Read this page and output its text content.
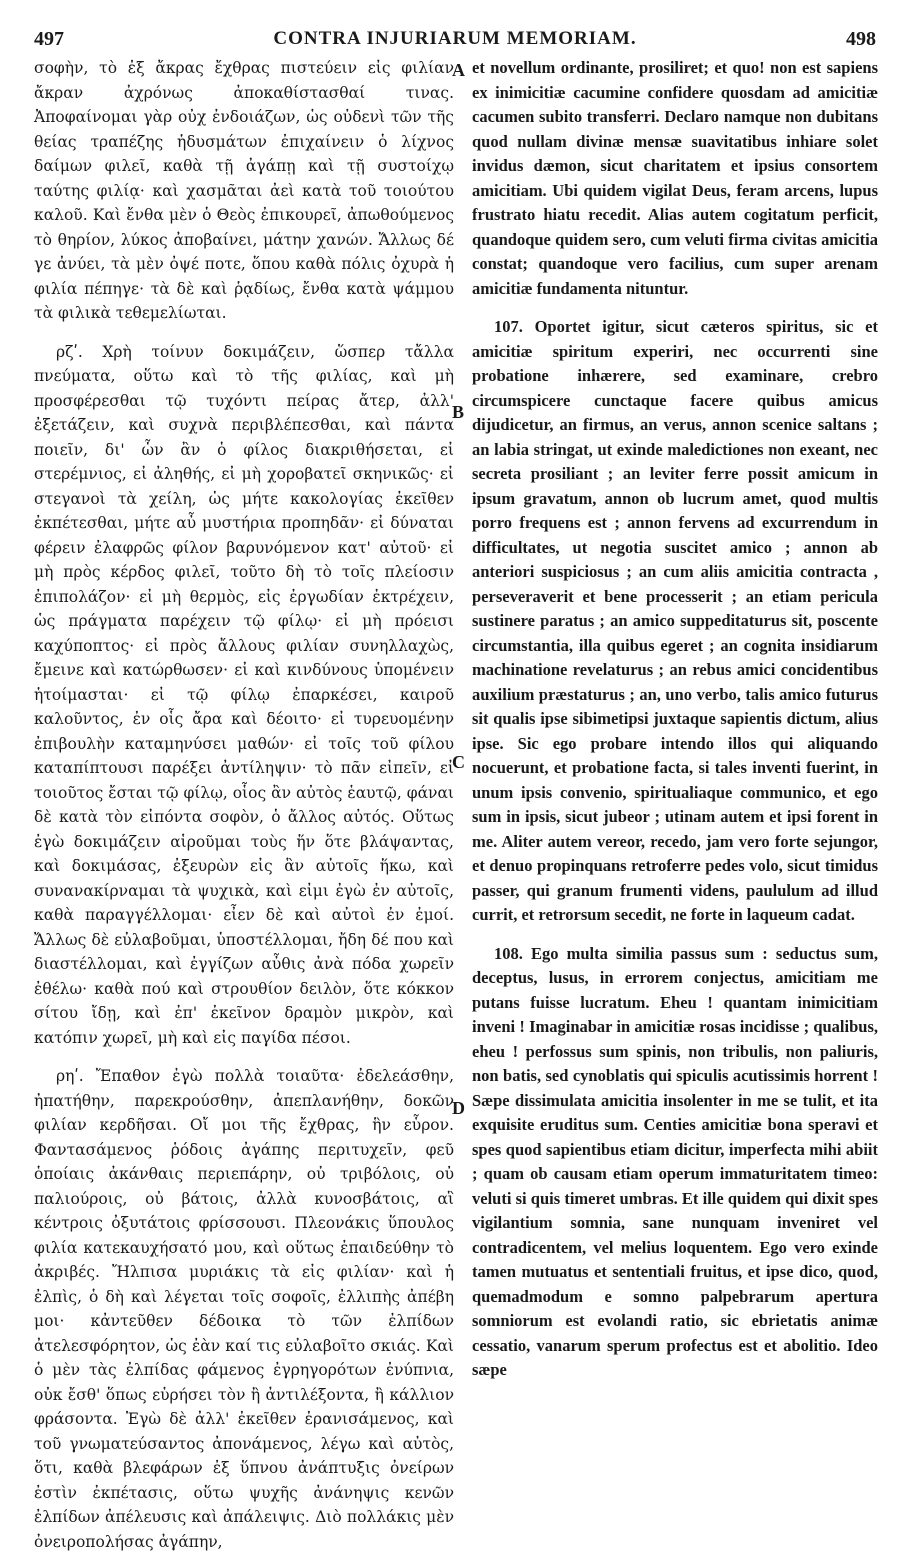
497	CONTRA INJURIARUM MEMORIAM.	498

σοφὴν, τὸ ἐξ ἄκρας ἔχθρας πιστεύειν εἰς φιλίαν ἄκραν ἀχρόνως ἀποκαθίστασθαί τινας. Ἀποφαίνομαι γὰρ οὐχ ἐνδοιάζων, ὡς οὐδενὶ τῶν τῆς θείας τραπέζης ἡδυσμάτων ἐπιχαίνειν ὁ λίχνος δαίμων φιλεῖ, καθὰ τῇ ἀγάπῃ καὶ τῇ συστοίχῳ ταύτης φιλίᾳ· καὶ χασμᾶται ἀεὶ κατὰ τοῦ τοιούτου καλοῦ. Καὶ ἔνθα μὲν ὁ Θεὸς ἐπικουρεῖ, ἀπωθούμενος τὸ θηρίον, λύκος ἀποβαίνει, μάτην χανών. Ἄλλως δέ γε ἀνύει, τὰ μὲν ὀψέ ποτε, ὅπου καθὰ πόλις ὀχυρὰ ἡ φιλία πέπηγε· τὰ δὲ καὶ ῥᾳδίως, ἔνθα κατὰ ψάμμου τὰ φιλικὰ τεθεμελίωται.

ρζʹ. Χρὴ τοίνυν δοκιμάζειν, ὥσπερ τἄλλα πνεύματα, οὕτω καὶ τὸ τῆς φιλίας, καὶ μὴ προσφέρεσθαι τῷ τυχόντι πείρας ἄτερ, ἀλλ' ἐξετάζειν, καὶ συχνὰ περιβλέπεσθαι, καὶ πάντα ποιεῖν, δι' ὧν ἂν ὁ φίλος διακριθήσεται, εἰ στερέμνιος, εἰ ἀληθής, εἰ μὴ χοροβατεῖ σκηνικῶς· εἰ στεγανοὶ τὰ χείλη, ὡς μήτε κακολογίας ἐκεῖθεν ἐκπέτεσθαι, μήτε αὖ μυστήρια προπηδᾶν· εἰ δύναται φέρειν ἐλαφρῶς φίλον βαρυνόμενον κατ' αὐτοῦ· εἰ μὴ πρὸς κέρδος φιλεῖ, τοῦτο δὴ τὸ τοῖς πλείοσιν ἐπιπολάζον· εἰ μὴ θερμὸς, εἰς ἐργωδίαν ἐκτρέχειν, ὡς πράγματα παρέχειν τῷ φίλῳ· εἰ μὴ πρόεισι καχύποπτος· εἰ πρὸς ἄλλους φιλίαν συνηλλαχὼς, ἔμεινε καὶ κατώρθωσεν· εἰ καὶ κινδύνους ὑπομένειν ἡτοίμασται· εἰ τῷ φίλῳ ἐπαρκέσει, καιροῦ καλοῦντος, ἐν οἷς ἄρα καὶ δέοιτο· εἰ τυρευομένην ἐπιβουλὴν καταμηνύσει μαθών· εἰ τοῖς τοῦ φίλου καταπίπτουσι παρέξει ἀντίληψιν· τὸ πᾶν εἰπεῖν, εἰ τοιοῦτος ἔσται τῷ φίλῳ, οἷος ἂν αὐτὸς ἑαυτῷ, φάναι δὲ κατὰ τὸν εἰπόντα σοφὸν, ὁ ἄλλος αὐτός. Οὕτως ἐγὼ δοκιμάζειν αἱροῦμαι τοὺς ἥν ὅτε βλάψαντας, καὶ δοκιμάσας, ἐξευρὼν εἰς ἃν αὐτοῖς ἥκω, καὶ συνανακίρναμαι τὰ ψυχικὰ, καὶ εἰμι ἐγὼ ἐν αὐτοῖς, καθὰ παραγγέλλομαι· εἶεν δὲ καὶ αὐτοὶ ἐν ἐμοί. Ἄλλως δὲ εὐλαβοῦμαι, ὑποστέλλομαι, ἤδη δέ που καὶ διαστέλλομαι, καὶ ἐγγίζων αὖθις ἀνὰ πόδα χωρεῖν ἐθέλω· καθὰ πού καὶ στρουθίον δειλὸν, ὅτε κόκκον σίτου ἴδῃ, καὶ ἐπ' ἐκεῖνον δραμὸν μικρὸν, καὶ κατόπιν χωρεῖ, μὴ καὶ εἰς παγίδα πέσοι.

ρηʹ. Ἔπαθον ἐγὼ πολλὰ τοιαῦτα· ἐδελεάσθην, ἠπατήθην, παρεκρούσθην, ἀπεπλανήθην, δοκῶν φιλίαν κερδῆσαι. Οἴ μοι τῆς ἔχθρας, ἣν εὗρον. Φαντασάμενος ῥόδοις ἀγάπης περιτυχεῖν, φεῦ ὁποίαις ἀκάνθαις περιεπάρην, οὐ τριβόλοις, οὐ παλιούροις, οὐ βάτοις, ἀλλὰ κυνοσβάτοις, αἳ κέντροις ὀξυτάτοις φρίσσουσι. Πλεονάκις ὕπουλος φιλία κατεκαυχήσατό μου, καὶ οὕτως ἐπαιδεύθην τὸ ἀκριβές. Ἤλπισα μυριάκις τὰ εἰς φιλίαν· καὶ ἡ ἐλπὶς, ὁ δὴ καὶ λέγεται τοῖς σοφοῖς, ἐλλιπὴς ἀπέβη μοι· κἀντεῦθεν δέδοικα τὸ τῶν ἐλπίδων ἀτελεσφόρητον, ὡς ἐὰν καί τις εὐλαβοῖτο σκιάς. Καὶ ὁ μὲν τὰς ἐλπίδας φάμενος ἐγρηγορότων ἐνύπνια, οὐκ ἔσθ' ὅπως εὑρήσει τὸν ἢ ἀντιλέξοντα, ἢ κάλλιον φράσοντα. Ἐγὼ δὲ ἀλλ' ἐκεῖθεν ἐρανισάμενος, καὶ τοῦ γνωματεύσαντος ἀπονάμενος, λέγω καὶ αὐτὸς, ὅτι, καθὰ βλεφάρων ἐξ ὕπνου ἀνάπτυξις ὀνείρων ἐστὶν ἐκπέτασις, οὕτω ψυχῆς ἀνάνηψις κενῶν ἐλπίδων ἀπέλευσις καὶ ἀπάλειψις. Διὸ πολλάκις μὲν ὀνειροπολήσας ἀγάπην,

A
B
C
D

et novellum ordinante, prosiliret; et quo! non est sapiens ex inimicitiæ cacumine confidere quosdam ad amicitiæ cacumen subito transferri. Declaro namque non dubitans quod nullam divinæ mensæ suavitatibus inhiare solet invidus dæmon, sicut charitatem et ipsius consortem amicitiam. Ubi quidem vigilat Deus, feram arcens, lupus frustrato hiatu recedit. Alias autem cogitatum perficit, quandoque quidem sero, cum veluti firma civitas amicitia constat; quandoque vero facilius, cum super arenam amicitiæ fundamenta nituntur.

107. Oportet igitur, sicut cæteros spiritus, sic et amicitiæ spiritum experiri, nec occurrenti sine probatione inhærere, sed examinare, crebro circumspicere cunctaque facere quibus amicus dijudicetur, an firmus, an verus, annon scenice saltans ; an labia stringat, ut exinde maledictiones non exeant, nec secreta prosiliant ; an leviter ferre possit amicum in ipsum gravatum, annon ob lucrum amet, quod multis porro frequens est ; annon fervens ad excurrendum in difficultates, ut negotia suscitet amico ; annon ab anteriori suspiciosus ; an cum aliis amicitia contracta , perseveraverit et bene processerit ; an etiam pericula sustinere paratus ; an amico suppeditaturus sit, poscente circumstantia, illa quibus egeret ; an cognita insidiarum machinatione revelaturus ; an rebus amici concidentibus auxilium præstaturus ; an, uno verbo, talis amico futurus sit qualis ipse sibimetipsi juxtaque sapientis dictum, alius ipse. Sic ego probare intendo illos qui aliquando nocuerunt, et probatione facta, si tales inventi fuerint, in unum ipsis convenio, spiritualiaque communico, et ego sum in ipsis, sicut jubeor ; utinam autem et ipsi forent in me. Aliter autem vereor, recedo, jam vero forte sejungor, et denuo propinquans retroferre pedes volo, sicut timidus passer, qui granum frumenti videns, paululum ad illud currit, et retrorsum secedit, ne forte in laqueum cadat.

108. Ego multa similia passus sum : seductus sum, deceptus, lusus, in errorem conjectus, amicitiam me putans fuisse lucratum. Eheu ! quantam inimicitiam inveni ! Imaginabar in amicitiæ rosas incidisse ; qualibus, eheu ! perfossus sum spinis, non tribulis, non paliuris, non batis, sed cynoblatis qui spiculis acutissimis horrent ! Sæpe dissimulata amicitia insolenter in me se tulit, et ita exquisite eruditus sum. Centies amicitiæ bona speravi et spes quod sapientibus etiam dicitur, imperfecta mihi abiit ; quam ob causam etiam operum immaturitatem timeo: veluti si quis timeret umbras. Et ille quidem qui dixit spes vigilantium somnia, sane nunquam inveniret vel contradicentem, vel melius loquentem. Ego vero exinde tamen mutuatus et sententiali fruitus, et ipse dico, quod, quemadmodum e somno palpebrarum apertura somniorum est evolandi ratio, sic ebrietatis animæ cessatio, vanarum sperum profectus est et abolitio. Ideo sæpe
